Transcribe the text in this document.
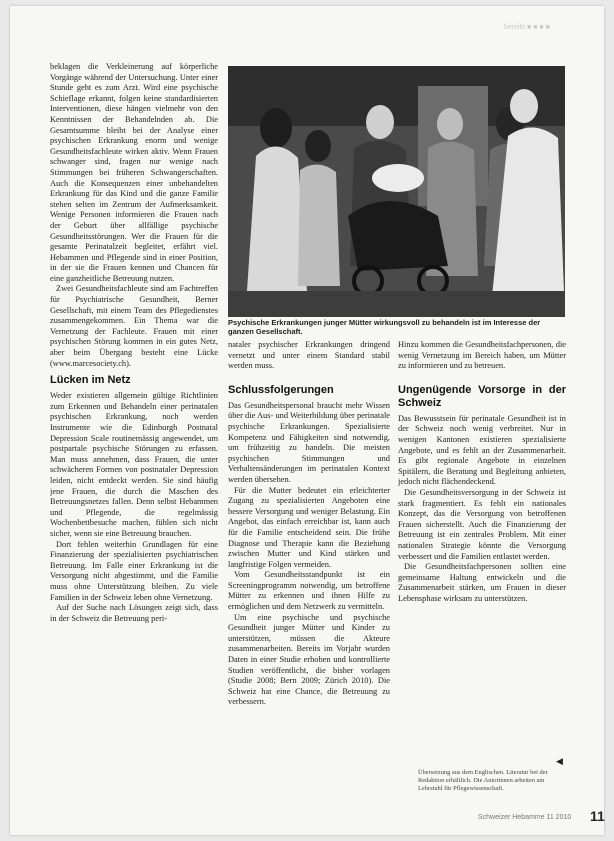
bereits ■ ■ ■ ■

beklagen die Verkleinerung auf körperliche Vorgänge während der Untersuchung. Unter einer Stunde geht es zum Arzt. Wird eine psychische Schieflage erkannt, folgen keine standardisierten Interventionen, diese hängen vielmehr von den Kenntnissen der Behandelnden ab. Die Gesamtsumme bleibt bei der Analyse einer psychischen Erkrankung enorm und wenige Gesundheitsfachleute wirken aktiv. Wenn Frauen schwanger sind, fragen nur wenige nach Stimmungen bei früheren Schwangerschaften. Auch die Konsequenzen einer unbehandelten Erkrankung für das Kind und die ganze Familie stehen selten im Zentrum der Aufmerksamkeit. Wenige Personen informieren die Frauen nach der Geburt über allfällige psychische Gesundheitsstörungen. Wer die Frauen für die gesamte Perinatalzeit begleitet, erfährt viel. Hebammen und Pflegende sind in einer Position, in der sie die Frauen kennen und Chancen für eine ganzheitliche Betreuung nutzen.

Zwei Gesundheitsfachleute sind am Fachtreffen für Psychiatrische Gesundheit, Berner Gesellschaft, mit einem Team des Pflegedienstes zusammengekommen. Ein Thema war die Vernetzung der Fachleute. Frauen mit einer psychischen Störung kommen in ein gutes Netz, aber beim Übergang besteht eine Lücke (www.marcesociety.ch).

Lücken im Netz

Weder existieren allgemein gültige Richtlinien zum Erkennen und Behandeln einer perinatalen psychischen Erkrankung, noch werden Instrumente wie die Edinburgh Postnatal Depression Scale routinemässig angewendet, um postpartale psychische Störungen zu erfassen. Man muss annehmen, dass Frauen, die unter schwächeren Formen von postnataler Depression leiden, nicht entdeckt werden. Sie sind häufig jene Frauen, die durch die Maschen des Betreuungsnetzes fallen. Denn selbst Hebammen und Pflegende, die regelmässig Wochenbettbesuche machen, fühlen sich nicht sicher, wenn sie eine Betreuung brauchen.

Dort fehlen weiterhin Grundlagen für eine Finanzierung der spezialisierten psychiatrischen Betreuung. Im Falle einer Erkrankung ist die Versorgung nicht abgestimmt, und die Familie muss ohne Unterstützung bleiben. Zu viele Familien in der Schweiz leben ohne Vernetzung.

Auf der Suche nach Lösungen zeigt sich, dass in der Schweiz die Betreuung peri-

Psychische Erkrankungen junger Mütter wirkungsvoll zu behandeln ist im Interesse der ganzen Gesellschaft.

nataler psychischer Erkrankungen dringend vernetzt und unter einem Standard stabil werden muss.

Schlussfolgerungen

Das Gesundheitspersonal braucht mehr Wissen über die Aus- und Weiterbildung über perinatale psychische Erkrankungen. Spezialisierte Kompetenz und Fähigkeiten sind notwendig, um frühzeitig zu handeln. Die meisten psychischen Stimmungen und Verhaltensänderungen im perinatalen Kontext werden übersehen.

Für die Mutter bedeutet ein erleichterter Zugang zu spezialisierten Angeboten eine bessere Versorgung und weniger Belastung. Ein Angebot, das einfach erreichbar ist, kann auch für die Familie entscheidend sein. Die frühe Diagnose und Therapie kann die Beziehung zwischen Mutter und Kind stärken und langfristige Folgen vermeiden.

Vom Gesundheitsstandpunkt ist ein Screeningprogramm notwendig, um betroffene Mütter zu erkennen und ihnen Hilfe zu ermöglichen und dem Netzwerk zu vermitteln.

Um eine psychische und psychische Gesundheit junger Mütter und Kinder zu unterstützen, müssen die Akteure zusammenarbeiten. Bereits im Vorjahr wurden Daten in einer Studie erhoben und kontrollierte Studien veröffentlicht, die bisher vorlagen (Studie 2008; Bern 2009; Zürich 2010). Die Schweiz hat eine Chance, die Betreuung zu verbessern.

Hinzu kommen die Gesundheitsfachpersonen, die wenig Vernetzung im Bereich haben, um Mütter zu informieren und zu betreuen.

Ungenügende Vorsorge in der Schweiz

Das Bewusstsein für perinatale Gesundheit ist in der Schweiz noch wenig verbreitet. Nur in wenigen Kantonen existieren spezialisierte Angebote, und es fehlt an der Zusammenarbeit. Es gibt regionale Angebote in einzelnen Spitälern, die Beratung und Begleitung anbieten, jedoch nicht flächendeckend.

Die Gesundheitsversorgung in der Schweiz ist stark fragmentiert. Es fehlt ein nationales Konzept, das die Versorgung von betroffenen Frauen sicherstellt. Auch die Finanzierung der Betreuung ist ein zentrales Problem. Mit einer nationalen Strategie könnte die Versorgung verbessert und die Familien entlastet werden.

Die Gesundheitsfachpersonen sollten eine gemeinsame Haltung entwickeln und die Zusammenarbeit stärken, um Frauen in dieser Lebensphase wirksam zu unterstützen.

◀
Übersetzung aus dem Englischen. Literatur bei der Redaktion erhältlich. Die Autorinnen arbeiten am Lehrstuhl für Pflegewissenschaft.
Schweizer Hebamme 11 2010 11
